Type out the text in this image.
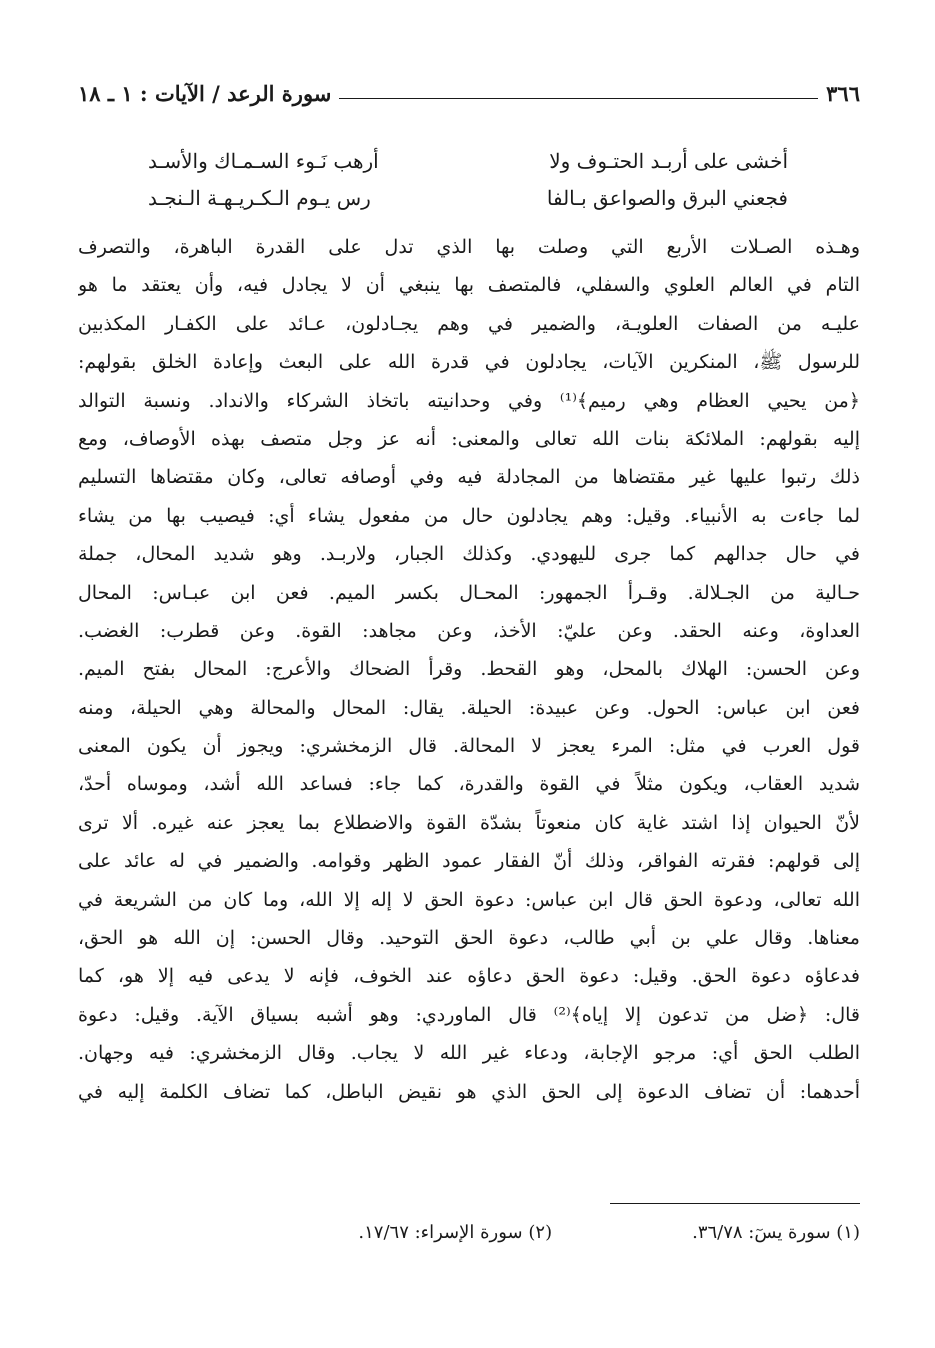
٣٦٦
سورة الرعد / الآيات : ١ ـ ١٨
أخشى على أربـد الحتـوف ولا
أرهب نَـوء السـمـاك والأسـد
فجعني البرق والصواعق بـالفا
رس يـوم الـكـريـهـة الـنجـد
وهـذه الصـلات الأربع التي وصلت بها الذي تدل على القدرة الباهرة، والتصرف
التام في العالم العلوي والسفلي، فالمتصف بها ينبغي أن لا يجادل فيه، وأن يعتقد ما هو
عليـه من الصفات العلويـة، والضمير في وهم يجـادلون، عـائد على الكفـار المكذبين
للرسول ﷺ، المنكرين الآيات، يجادلون في قدرة الله على البعث وإعادة الخلق بقولهم:
﴿من يحيي العظام وهي رميم﴾⁽¹⁾ وفي وحدانيته باتخاذ الشركاء والانداد. ونسبة التوالد
إليه بقولهم: الملائكة بنات الله تعالى والمعنى: أنه عز وجل متصف بهذه الأوصاف، ومع
ذلك رتبوا عليها غير مقتضاها من المجادلة فيه وفي أوصافه تعالى، وكان مقتضاها التسليم
لما جاءت به الأنبياء. وقيل: وهم يجادلون حال من مفعول يشاء أي: فيصيب بها من يشاء
في حال جدالهم كما جرى لليهودي. وكذلك الجبار، ولاربـد. وهو شديد المحال، جملة
حـالية من الجـلالة. وقـرأ الجمهور: المحـال بكسر الميم. فعن ابن عبـاس: المحال
العداوة، وعنه الحقد. وعن عليّ: الأخذ، وعن مجاهد: القوة. وعن قطرب: الغضب.
وعن الحسن: الهلاك بالمحل، وهو القحط. وقرأ الضحاك والأعرج: المحال بفتح الميم.
فعن ابن عباس: الحول. وعن عبيدة: الحيلة. يقال: المحال والمحالة وهي الحيلة، ومنه
قول العرب في مثل: المرء يعجز لا المحالة. قال الزمخشري: ويجوز أن يكون المعنى
شديد العقاب، ويكون مثلاً في القوة والقدرة، كما جاء: فساعد الله أشد، وموساه أحدّ،
لأنّ الحيوان إذا اشتد غاية كان منعوتاً بشدّة القوة والاضطلاع بما يعجز عنه غيره. ألا ترى
إلى قولهم: فقرته الفواقر، وذلك أنّ الفقار عمود الظهر وقوامه. والضمير في له عائد على
الله تعالى، ودعوة الحق قال ابن عباس: دعوة الحق لا إله إلا الله، وما كان من الشريعة في
معناها. وقال علي بن أبي طالب، دعوة الحق التوحيد. وقال الحسن: إن الله هو الحق،
فدعاؤه دعوة الحق. وقيل: دعوة الحق دعاؤه عند الخوف، فإنه لا يدعى فيه إلا هو، كما
قال: ﴿ضل من تدعون إلا إياه﴾⁽²⁾ قال الماوردي: وهو أشبه بسياق الآية. وقيل: دعوة
الطلب الحق أي: مرجو الإجابة، ودعاء غير الله لا يجاب. وقال الزمخشري: فيه وجهان.
أحدهما: أن تضاف الدعوة إلى الحق الذي هو نقيض الباطل، كما تضاف الكلمة إليه في
(١) سورة يسٓ: ٣٦/٧٨.
(٢) سورة الإسراء: ١٧/٦٧.
